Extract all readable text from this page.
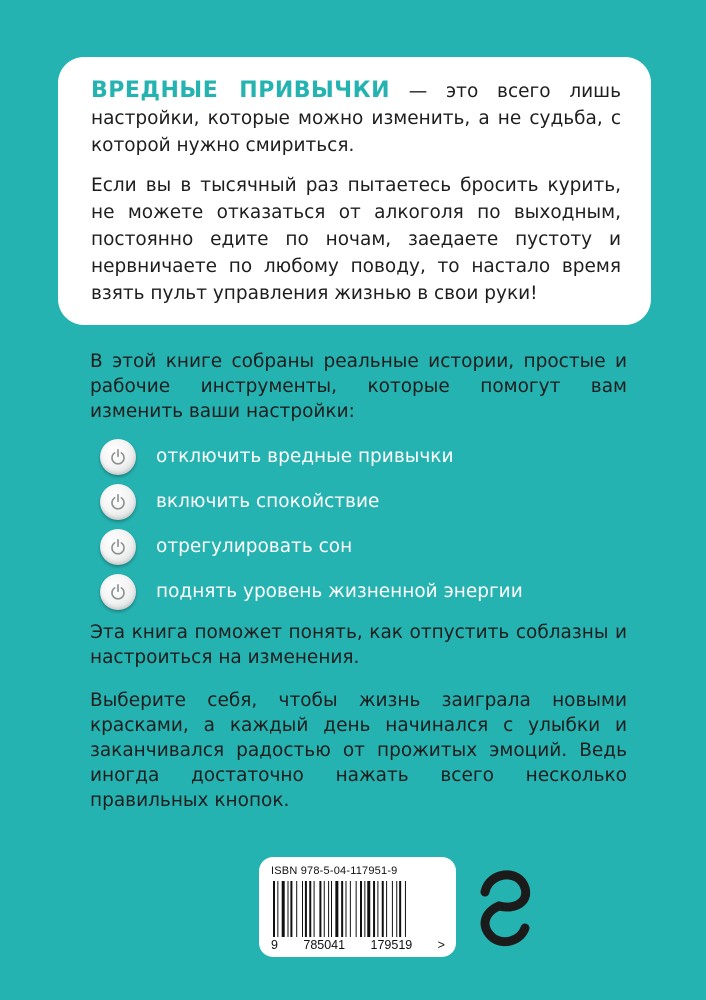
ВРЕДНЫЕ ПРИВЫЧКИ — это всего лишь настройки, которые можно изменить, а не судьба, с которой нужно смириться.

Если вы в тысячный раз пытаетесь бросить курить, не можете отказаться от алкоголя по выходным, постоянно едите по ночам, заедаете пустоту и нервничаете по любому поводу, то настало время взять пульт управления жизнью в свои руки!

В этой книге собраны реальные истории, простые и рабочие инструменты, которые помогут вам изменить ваши настройки:

отключить вредные привычки
включить спокойствие
отрегулировать сон
поднять уровень жизненной энергии

Эта книга поможет понять, как отпустить соблазны и настроиться на изменения.

Выберите себя, чтобы жизнь заиграла новыми красками, а каждый день начинался с улыбки и заканчивался радостью от прожитых эмоций. Ведь иногда достаточно нажать всего несколько правильных кнопок.

ISBN 978-5-04-117951-9
9 785041 179519 >
